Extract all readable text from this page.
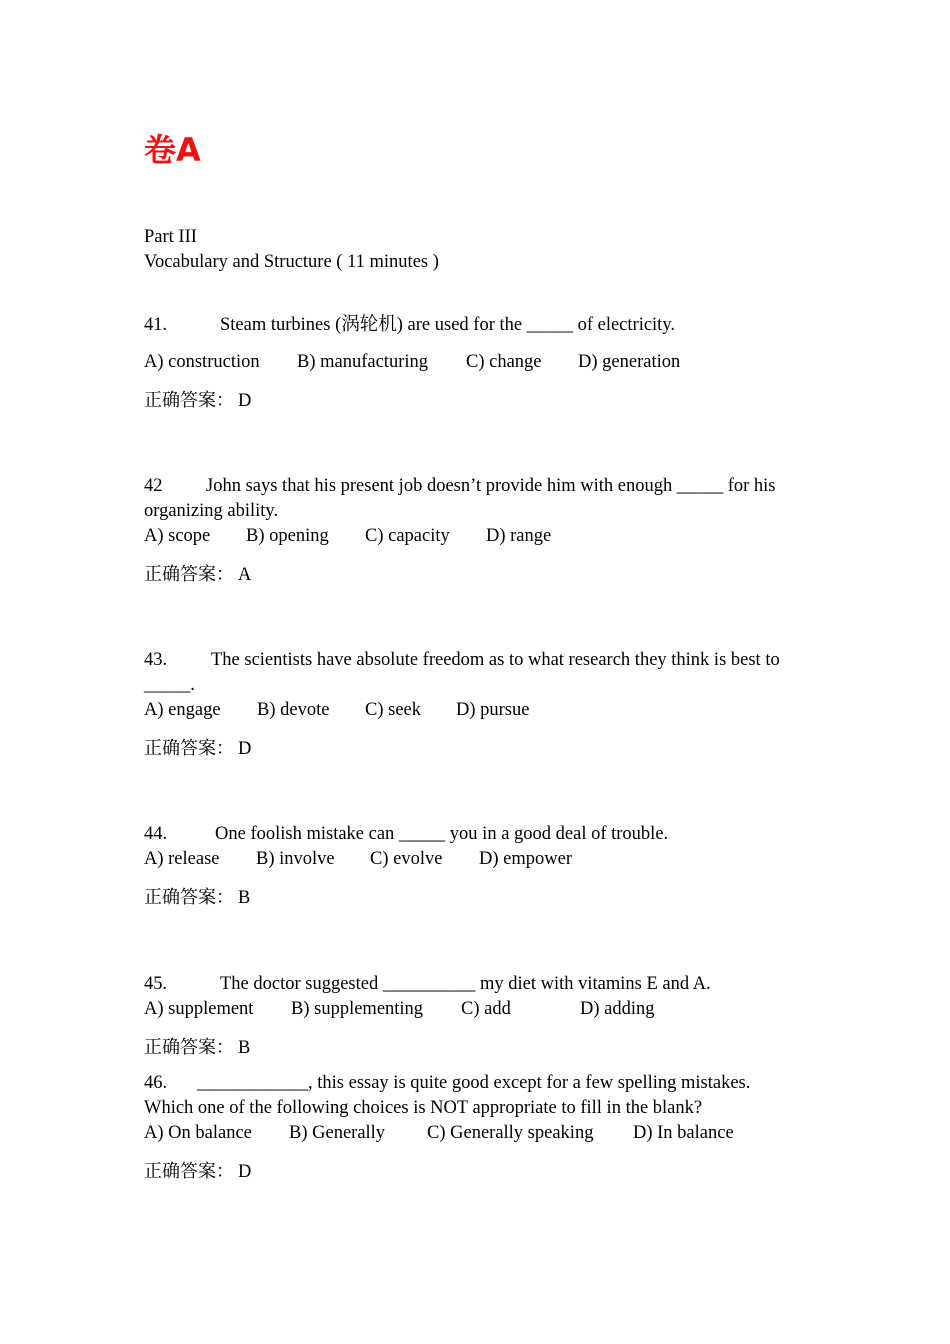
卷A
Part III
Vocabulary and Structure ( 11 minutes )
41.	Steam turbines (涡轮机) are used for the _____ of electricity.
A) construction B) manufacturing C) change D) generation
正确答案： D
42 John says that his present job doesn’t provide him with enough _____ for his
organizing ability.
A) scope B) opening C) capacity D) range
正确答案： A
43. The scientists have absolute freedom as to what research they think is best to
_____.
A) engage B) devote C) seek D) pursue
正确答案： D
44.	One foolish mistake can _____ you in a good deal of trouble.
A) release B) involve C) evolve D) empower
正确答案： B
45.	The doctor suggested __________ my diet with vitamins E and A.
A) supplement B) supplementing C) add	D) adding
正确答案： B
46. ____________, this essay is quite good except for a few spelling mistakes.
Which one of the following choices is NOT appropriate to fill in the blank?
A) On balance B) Generally C) Generally speaking D) In balance
正确答案： D
